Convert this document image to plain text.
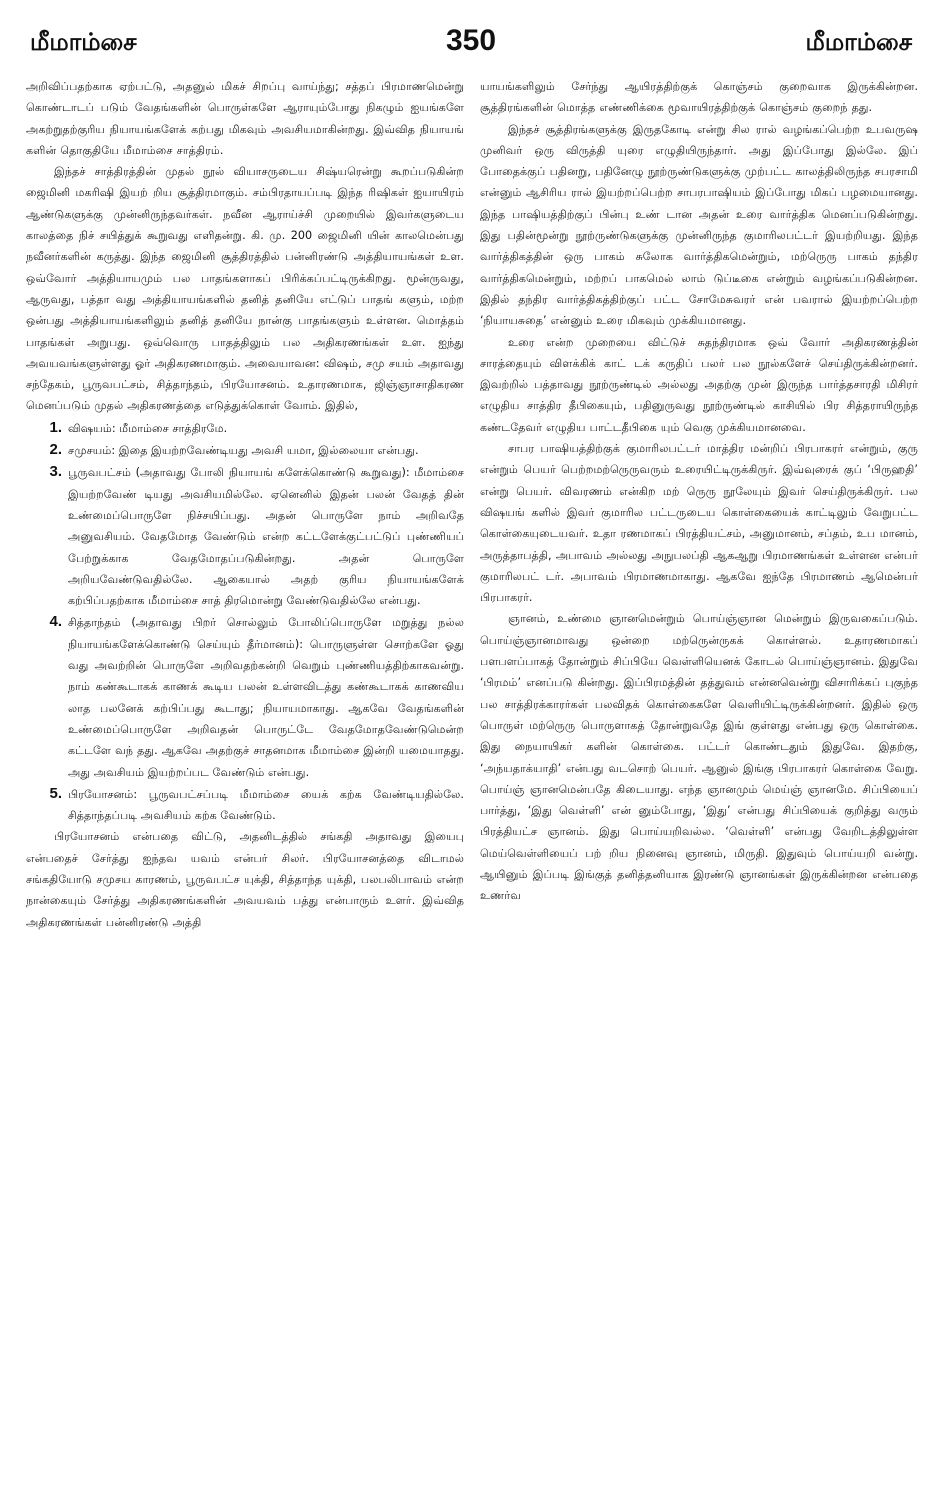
மீமாம்சை	350	மீமாம்சை

அறிவிப்பதற்காக ஏற்பட்டு, அதனுல் மிகச் சிறப்பு வாய்ந்து; சத்தப் பிரமாணமென்று கொண்டாடப் படும் வேதங்களின் பொருள்களே ஆராயும்போது நிகழும் ஐயங்களே அகற்றுதற்குரிய நியாயங்களேக் கற்பது மிகவும் அவசியமாகின்றது. இவ்வித நியாயங் களின் தொகுதியே மீமாம்சை சாத்திரம்.

இந்தச் சாத்திரத்தின் முதல் நூல் வியாசருடைய சிஷ்யரென்று கூறப்படுகின்ற ஜைமினி மகரிஷி இயற் றிய சூத்திரமாகும். சம்பிரதாயப்படி இந்த ரிஷிகள் ஐயாயிரம் ஆண்டுகளுக்கு முன்னிருந்தவர்கள். நவீன ஆராய்ச்சி முறையில் இவர்களுடைய காலத்தை நிச் சயித்துக் கூறுவது எளிதன்று. கி. மு. 200 ஜைமினி யின் காலமென்பது நவீனர்களின் கருத்து. இந்த ஜைமினி சூத்திரத்தில் பன்னிரண்டு அத்தியாயங்கள் உள. ஒவ்வோர் அத்தியாயமும் பல பாதங்களாகப் பிரிக்கப்பட்டிருக்கிறது. மூன்ருவது, ஆருவது, பத்தா வது அத்தியாயங்களில் தனித் தனியே எட்டுப் பாதங் களும், மற்ற ஒன்பது அத்தியாயங்களிலும் தனித் தனியே நான்கு பாதங்களும் உள்ளன. மொத்தம் பாதங்கள் அறுபது. ஒவ்வொரு பாதத்திலும் பல அதிகரணங்கள் உள. ஐந்து அவயவங்களுள்ளது ஓர் அதிகரணமாகும். அவையாவன: விஷம், சமு சயம் அதாவது சந்தேகம், பூருவபட்சம், சித்தாந்தம், பிரயோசனம். உதாரணமாக, ஜிஞ்ஞாசாதிகரண மெனப்படும் முதல் அதிகரணத்தை எடுத்துக்கொள் வோம். இதில்,

1. விஷயம்: மீமாம்சை சாத்திரமே.
2. சமுசயம்: இதை இயற்றவேண்டியது அவசி யமா, இல்லையா என்பது.
3. பூருவபட்சம் (அதாவது போலி நியாயங் களேக்கொண்டு கூறுவது): மீமாம்சை இயற்றவேண் டியது அவசியமில்லே. ஏனெனில் இதன் பலன் வேதத் தின் உண்மைப்பொருளே நிச்சயிப்பது. அதன் பொருளே நாம் அறிவதே அனுவசியம். வேதமோத வேண்டும் என்ற கட்டளேக்குட்பட்டுப் புண்ணியப் பேற்றுக்காக வேதமோதப்படுகின்றது. அதன் பொருளே அறியவேண்டுவதில்லே. ஆகையால் அதற் குரிய நியாயங்களேக் கற்பிப்பதற்காக மீமாம்சை சாத் திரமொன்று வேண்டுவதில்லே என்பது.
4. சித்தாந்தம் (அதாவது பிறர் சொல்லும் போலிப்பொருளே மறுத்து நல்ல நியாயங்களேக்கொண்டு செய்யும் தீர்மானம்): பொருளுள்ள சொற்களே ஓது வது அவற்றின் பொருளே அறிவதற்கன்றி வெறும் புண்ணியத்திற்காகவன்று. நாம் கண்கூடாகக் காணக் கூடிய பலன் உள்ளவிடத்து கண்கூடாகக் காணவிய லாத பலனேக் கற்பிப்பது கூடாது; நியாயமாகாது. ஆகவே வேதங்களின் உண்மைப்பொருளே அறிவதன் பொருட்டே வேதமோதவேண்டுமென்ற கட்டளே வந் தது. ஆகவே அதற்குச் சாதனமாக மீமாம்சை இன்றி யமையாதது. அது அவசியம் இயற்றப்பட வேண்டும் என்பது.
5. பிரயோசனம்: பூருவபட்சப்படி மீமாம்சை யைக் கற்க வேண்டியதில்லே. சித்தாந்தப்படி அவசியம் கற்க வேண்டும்.

பிரயோசனம் என்பதை விட்டு, அதனிடத்தில் சங்கதி அதாவது இயைபு என்பதைச் சேர்த்து ஐந்தவ யவம் என்பர் சிலர். பிரயோசனத்தை விடாமல் சங்கதியோடு சமுசய காரணம், பூருவபட்ச யுக்தி, சித்தாந்த யுக்தி, பலபலிபாவம் என்ற நான்கையும் சேர்த்து அதிகரணங்களின் அவயவம் பத்து என்பாரும் உளர். இவ்வித அதிகரணங்கள் பன்னிரண்டு அத்தி

யாயங்களிலும் சேர்ந்து ஆயிரத்திற்குக் கொஞ்சம் குறைவாக இருக்கின்றன. சூத்திரங்களின் மொத்த எண்ணிக்கை மூவாயிரத்திற்குக் கொஞ்சம் குறைந் தது.

இந்தச் சூத்திரங்களுக்கு இருதகோடி என்று சில ரால் வழங்கப்பெற்ற உபவருஷ முனிவர் ஒரு விருத்தி யுரை எழுதியிருந்தார். அது இப்போது இல்லே. இப் போதைக்குப் பதினறு, பதினேழு நூற்ருண்டுகளுக்கு முற்பட்ட காலத்திலிருந்த சபரசாமி என்னும் ஆசிரிய ரால் இயற்றப்பெற்ற சாபரபாஷியம் இப்போது மிகப் பழமையானது. இந்த பாஷியத்திற்குப் பின்பு உண் டான அதன் உரை வார்த்திக மெனப்படுகின்றது. இது பதின்மூன்று நூற்ருண்டுகளுக்கு முன்னிருந்த குமாரிலபட்டர் இயற்றியது. இந்த வார்த்திகத்தின் ஒரு பாகம் சுலோக வார்த்திகமென்றும், மற்ருெரு பாகம் தந்திர வார்த்திகமென்றும், மற்றப் பாகமெல் லாம் டுப்டீகை என்றும் வழங்கப்படுகின்றன. இதில் தந்திர வார்த்திகத்திற்குப் பட்ட சோமேசுவரர் என் பவரால் இயற்றப்பெற்ற ‘நியாயசுதை’ என்னும் உரை மிகவும் முக்கியமானது.

உரை என்ற முறையை விட்டுச் சுதந்திரமாக ஒவ் வோர் அதிகரணத்தின் சாரத்தையும் விளக்கிக் காட் டக் கருதிப் பலர் பல நூல்களேச் செய்திருக்கின்றனர். இவற்றில் பத்தாவது நூற்ருண்டில் அல்லது அதற்கு முன் இருந்த பார்த்தசாரதி மிசிரர் எழுதிய சாத்திர தீபிகையும், பதினுருவது நூற்ருண்டில் காசியில் பிர சித்தராயிருந்த கண்டதேவர் எழுதிய பாட்டதீபிகை யும் வெகு முக்கியமானவை.

சாபர பாஷியத்திற்குக் குமாரிலபட்டர் மாத்திர மன்றிப் பிரபாகரர் என்றும், குரு என்றும் பெயர் பெற்றமற்ருெருவரும் உரையிட்டிருக்கிருர். இவ்வுரைக் குப் ‘பிருஹதி’ என்று பெயர். விவரணம் என்கிற மற் ருெரு நூலேயும் இவர் செய்திருக்கிருர். பல விஷயங் களில் இவர் குமாரில பட்டருடைய கொள்கையைக் காட்டிலும் வேறுபட்ட கொள்கையுடையவர். உதா ரணமாகப் பிரத்தியட்சம், அனுமானம், சப்தம், உப மானம், அருத்தாபத்தி, அபாவம் அல்லது அநுபலப்தி ஆகஆறு பிரமாணங்கள் உள்ளன என்பர் குமாரிலபட் டர். அபாவம் பிரமாணமாகாது. ஆகவே ஐந்தே பிரமாணம் ஆமென்பர் பிரபாகரர்.

ஞானம், உண்மை ஞானமென்றும் பொய்ஞ்ஞான மென்றும் இருவகைப்படும். பொய்ஞ்ஞானமாவது ஒன்றை மற்ருென்ருகக் கொள்ளல். உதாரணமாகப் பளபளப்பாகத் தோன்றும் சிப்பியே வெள்ளியெனக் கோடல் பொய்ஞ்ஞானம். இதுவே ‘பிரமம்’ எனப்படு கின்றது. இப்பிரமத்தின் தத்துவம் என்னவென்று விசாரிக்கப் புகுந்த பல சாத்திரக்காரர்கள் பலவிதக் கொள்கைகளே வெளியிட்டிருக்கின்றனர். இதில் ஒரு பொருள் மற்ருெரு பொருளாகத் தோன்றுவதே இங் குள்ளது என்பது ஒரு கொள்கை. இது நையாயிகர் களின் கொள்கை. பட்டர் கொண்டதும் இதுவே. இதற்கு, ‘அந்யதாக்யாதி’ என்பது வடசொற் பெயர். ஆனுல் இங்கு பிரபாகரர் கொள்கை வேறு. பொய்ஞ் ஞானமென்பதே கிடையாது. எந்த ஞானமும் மெய்ஞ் ஞானமே. சிப்பியைப் பார்த்து, ‘இது வெள்ளி’ என் னும்போது, ‘இது’ என்பது சிப்பியைக் குறித்து வரும் பிரத்தியட்ச ஞானம். இது பொய்யறிவல்ல. ‘வெள்ளி’ என்பது வேறிடத்திலுள்ள மெய்வெள்ளியைப் பற் றிய நினைவு ஞானம், மிருதி. இதுவும் பொய்யறி வன்று. ஆயினும் இப்படி இங்குத் தனித்தனியாக இரண்டு ஞானங்கள் இருக்கின்றன என்பதை உணர்வ
